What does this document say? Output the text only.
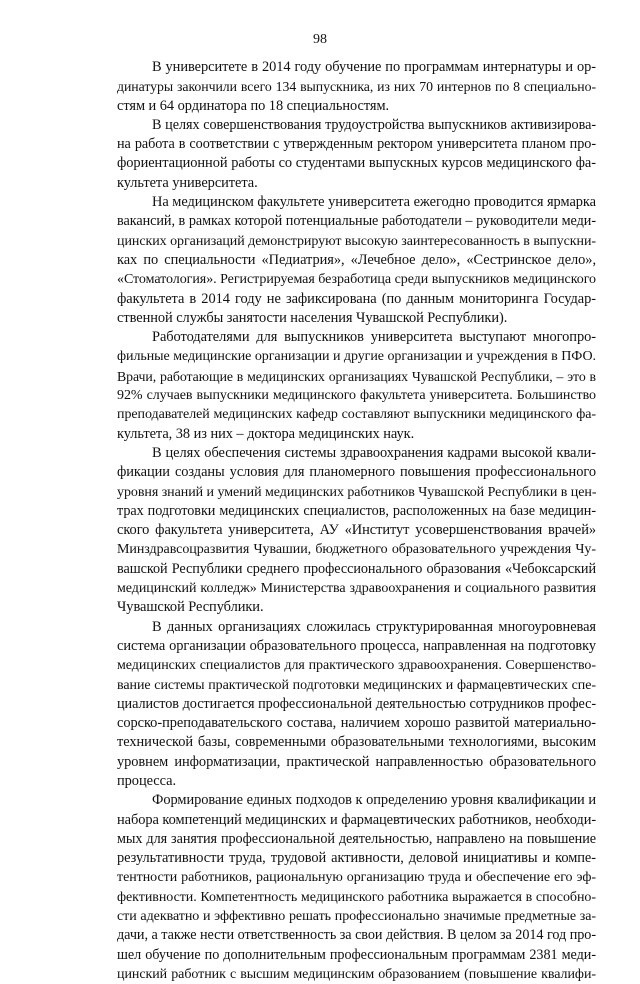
98
В университете в 2014 году обучение по программам интернатуры и ор-
динатуры закончили всего 134 выпускника, из них 70 интернов по 8 специально-
стям и 64 ординатора по 18 специальностям.
В целях совершенствования трудоустройства выпускников активизирова-
на работа в соответствии с утвержденным ректором университета планом про-
фориентационной работы со студентами выпускных курсов медицинского фа-
культета университета.
На медицинском факультете университета ежегодно проводится ярмарка
вакансий, в рамках которой потенциальные работодатели – руководители меди-
цинских организаций демонстрируют высокую заинтересованность в выпускни-
ках по специальности «Педиатрия», «Лечебное дело», «Сестринское дело»,
«Стоматология». Регистрируемая безработица среди выпускников медицинского
факультета в 2014 году не зафиксирована (по данным мониторинга Государ-
ственной службы занятости населения Чувашской Республики).
Работодателями для выпускников университета выступают многопро-
фильные медицинские организации и другие организации и учреждения в ПФО.
Врачи, работающие в медицинских организациях Чувашской Республики, – это в
92% случаев выпускники медицинского факультета университета. Большинство
преподавателей медицинских кафедр составляют выпускники медицинского фа-
культета, 38 из них – доктора медицинских наук.
В целях обеспечения системы здравоохранения кадрами высокой квали-
фикации созданы условия для планомерного повышения профессионального
уровня знаний и умений медицинских работников Чувашской Республики в цен-
трах подготовки медицинских специалистов, расположенных на базе медицин-
ского факультета университета, АУ «Институт усовершенствования врачей»
Минздравсоцразвития Чувашии, бюджетного образовательного учреждения Чу-
вашской Республики среднего профессионального образования «Чебоксарский
медицинский колледж» Министерства здравоохранения и социального развития
Чувашской Республики.
В данных организациях сложилась структурированная многоуровневая
система организации образовательного процесса, направленная на подготовку
медицинских специалистов для практического здравоохранения. Совершенство-
вание системы практической подготовки медицинских и фармацевтических спе-
циалистов достигается профессиональной деятельностью сотрудников профес-
сорско-преподавательского состава, наличием хорошо развитой материально-
технической базы, современными образовательными технологиями, высоким
уровнем информатизации, практической направленностью образовательного
процесса.
Формирование единых подходов к определению уровня квалификации и
набора компетенций медицинских и фармацевтических работников, необходи-
мых для занятия профессиональной деятельностью, направлено на повышение
результативности труда, трудовой активности, деловой инициативы и компе-
тентности работников, рациональную организацию труда и обеспечение его эф-
фективности. Компетентность медицинского работника выражается в способно-
сти адекватно и эффективно решать профессионально значимые предметные за-
дачи, а также нести ответственность за свои действия. В целом за 2014 год про-
шел обучение по дополнительным профессиональным программам 2381 меди-
цинский работник с высшим медицинским образованием (повышение квалифи-
